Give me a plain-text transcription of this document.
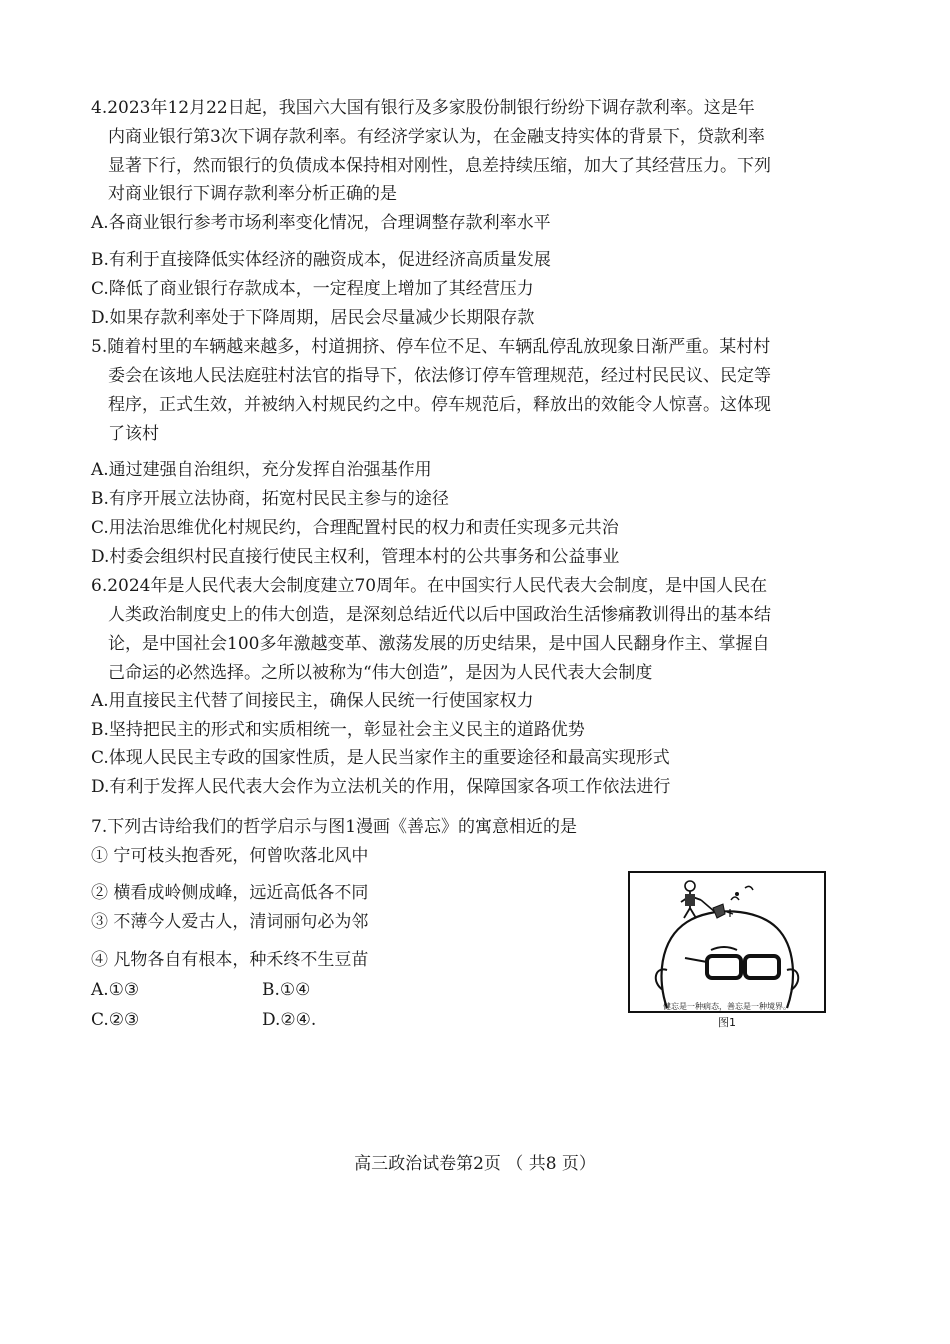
4.2023年12月22日起，我国六大国有银行及多家股份制银行纷纷下调存款利率。这是年
内商业银行第3次下调存款利率。有经济学家认为，在金融支持实体的背景下，贷款利率
显著下行，然而银行的负债成本保持相对刚性，息差持续压缩，加大了其经营压力。下列
对商业银行下调存款利率分析正确的是
A.各商业银行参考市场利率变化情况，合理调整存款利率水平
B.有利于直接降低实体经济的融资成本，促进经济高质量发展
C.降低了商业银行存款成本，一定程度上增加了其经营压力
D.如果存款利率处于下降周期，居民会尽量减少长期限存款
5.随着村里的车辆越来越多，村道拥挤、停车位不足、车辆乱停乱放现象日渐严重。某村村
委会在该地人民法庭驻村法官的指导下，依法修订停车管理规范，经过村民民议、民定等
程序，正式生效，并被纳入村规民约之中。停车规范后，释放出的效能令人惊喜。这体现
了该村
A.通过建强自治组织，充分发挥自治强基作用
B.有序开展立法协商，拓宽村民民主参与的途径
C.用法治思维优化村规民约，合理配置村民的权力和责任实现多元共治
D.村委会组织村民直接行使民主权利，管理本村的公共事务和公益事业
6.2024年是人民代表大会制度建立70周年。在中国实行人民代表大会制度，是中国人民在
人类政治制度史上的伟大创造，是深刻总结近代以后中国政治生活惨痛教训得出的基本结
论，是中国社会100多年激越变革、激荡发展的历史结果，是中国人民翻身作主、掌握自
己命运的必然选择。之所以被称为“伟大创造”，是因为人民代表大会制度
A.用直接民主代替了间接民主，确保人民统一行使国家权力
B.坚持把民主的形式和实质相统一，彰显社会主义民主的道路优势
C.体现人民民主专政的国家性质，是人民当家作主的重要途径和最高实现形式
D.有利于发挥人民代表大会作为立法机关的作用，保障国家各项工作依法进行
7.下列古诗给我们的哲学启示与图1漫画《善忘》的寓意相近的是
① 宁可枝头抱香死，何曾吹落北风中
② 横看成岭侧成峰，远近高低各不同
③ 不薄今人爱古人，清词丽句必为邻
④ 凡物各自有根本，种禾终不生豆苗
A.①③	B.①④
C.②③	D.②④.
健忘是一种病态，善忘是一种境界。
图1
高三政治试卷第2页 （ 共8 页）
